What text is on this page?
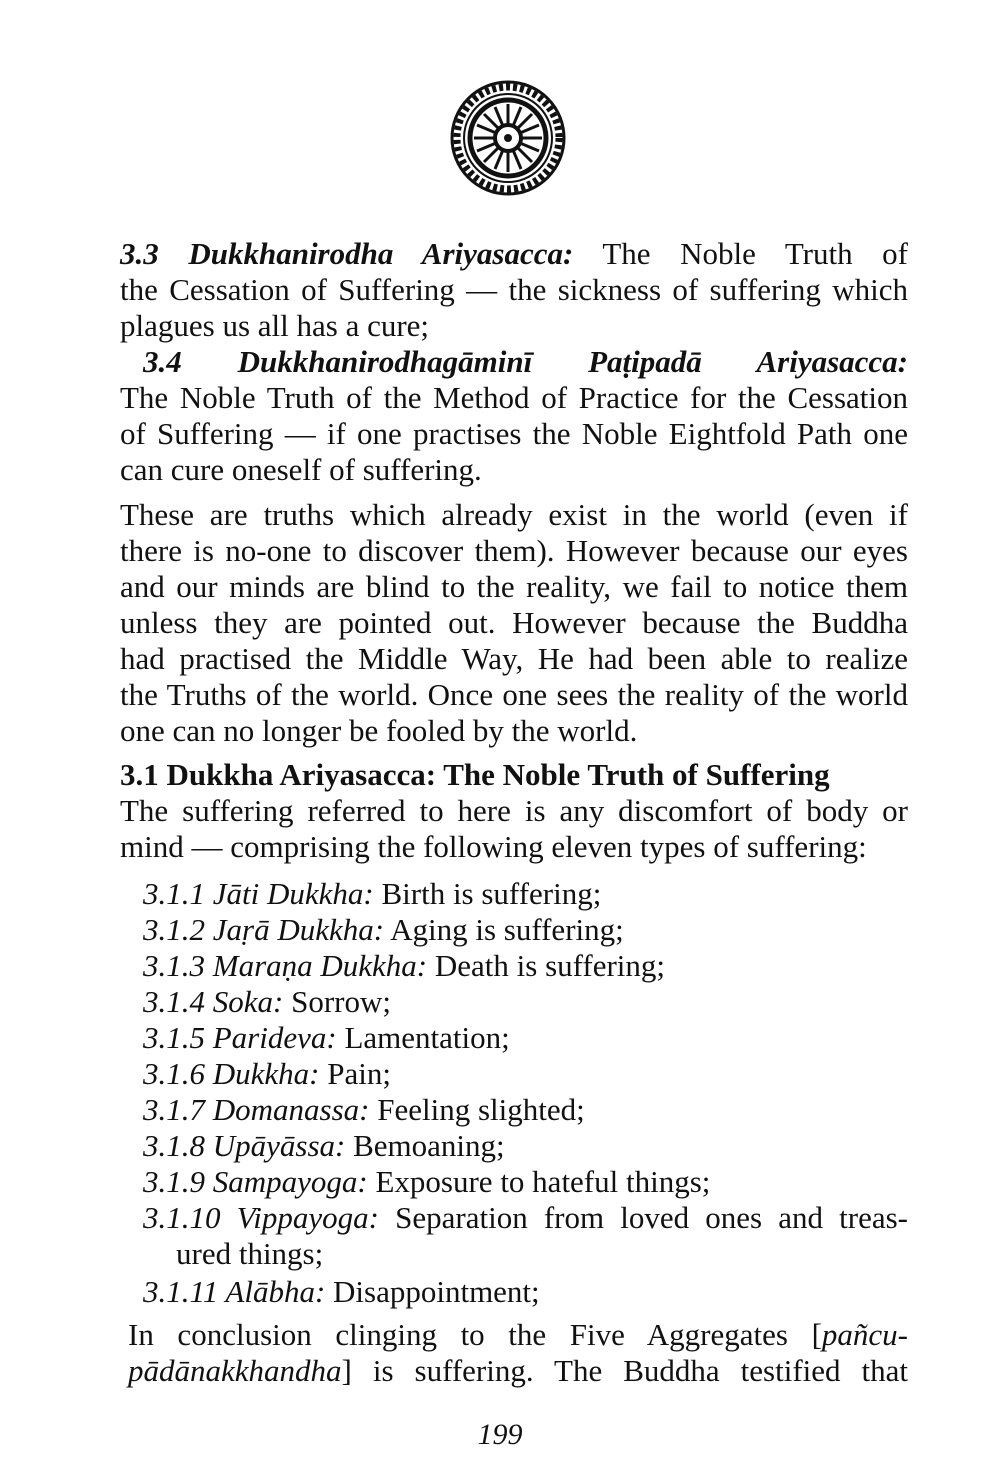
3.3 Dukkhanirodha Ariyasacca: The Noble Truth of
the Cessation of Suffering — the sickness of suffering which
plagues us all has a cure;
3.4 Dukkhanirodhagāminī Paṭipadā Ariyasacca:
The Noble Truth of the Method of Practice for the Cessation
of Suffering — if one practises the Noble Eightfold Path one
can cure oneself of suffering.
These are truths which already exist in the world (even if
there is no-one to discover them). However because our eyes
and our minds are blind to the reality, we fail to notice them
unless they are pointed out. However because the Buddha
had practised the Middle Way, He had been able to realize
the Truths of the world. Once one sees the reality of the world
one can no longer be fooled by the world.
3.1 Dukkha Ariyasacca: The Noble Truth of Suffering
The suffering referred to here is any discomfort of body or
mind — comprising the following eleven types of suffering:
3.1.1 Jāti Dukkha: Birth is suffering;
3.1.2 Jaṛā Dukkha: Aging is suffering;
3.1.3 Maraṇa Dukkha: Death is suffering;
3.1.4 Soka: Sorrow;
3.1.5 Parideva: Lamentation;
3.1.6 Dukkha: Pain;
3.1.7 Domanassa: Feeling slighted;
3.1.8 Upāyāssa: Bemoaning;
3.1.9 Sampayoga: Exposure to hateful things;
3.1.10 Vippayoga: Separation from loved ones and treas-
ured things;
3.1.11 Alābha: Disappointment;
In conclusion clinging to the Five Aggregates [pañcu-
pādānakkhandha] is suffering. The Buddha testified that
199
